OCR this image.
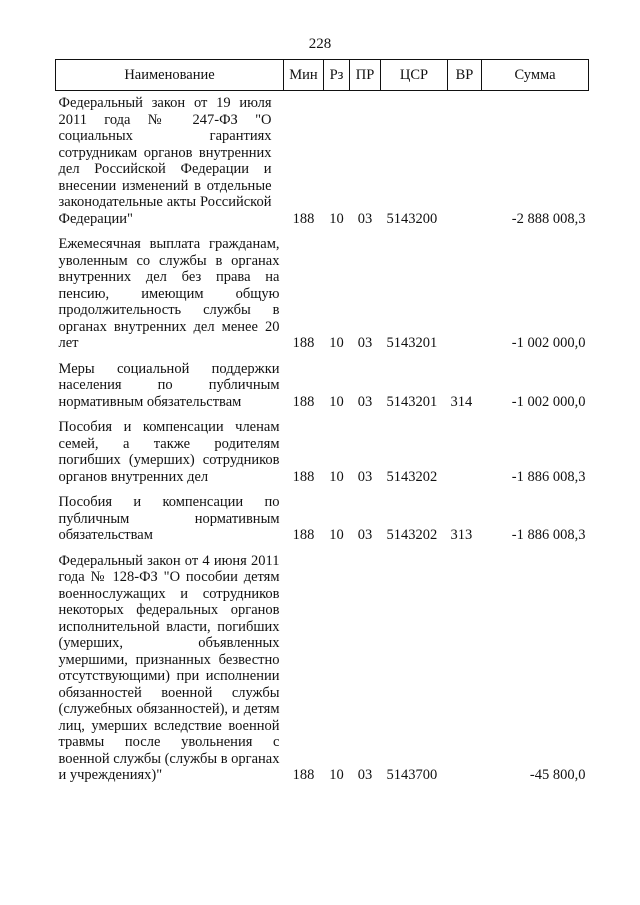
228
Наименование	Мин	Рз	ПР	ЦСР	ВР	Сумма
Федеральный закон от 19 июля 2011 года № 247-ФЗ "О социальных гарантиях сотрудникам органов внутренних дел Российской Федерации и внесении изменений в отдельные законодательные акты Российской Федерации"	188	10	03	5143200		-2 888 008,3
Ежемесячная выплата гражданам, уволенным со службы в органах внутренних дел без права на пенсию, имеющим общую продолжительность службы в органах внутренних дел менее 20 лет	188	10	03	5143201		-1 002 000,0
Меры социальной поддержки населения по публичным нормативным обязательствам	188	10	03	5143201	314	-1 002 000,0
Пособия и компенсации членам семей, а также родителям погибших (умерших) сотрудников органов внутренних дел	188	10	03	5143202		-1 886 008,3
Пособия и компенсации по публичным нормативным обязательствам	188	10	03	5143202	313	-1 886 008,3
Федеральный закон от 4 июня 2011 года № 128-ФЗ "О пособии детям военнослужащих и сотрудников некоторых федеральных органов исполнительной власти, погибших (умерших, объявленных умершими, признанных безвестно отсутствующими) при исполнении обязанностей военной службы (служебных обязанностей), и детям лиц, умерших вследствие военной травмы после увольнения с военной службы (службы в органах и учреждениях)"	188	10	03	5143700		-45 800,0
